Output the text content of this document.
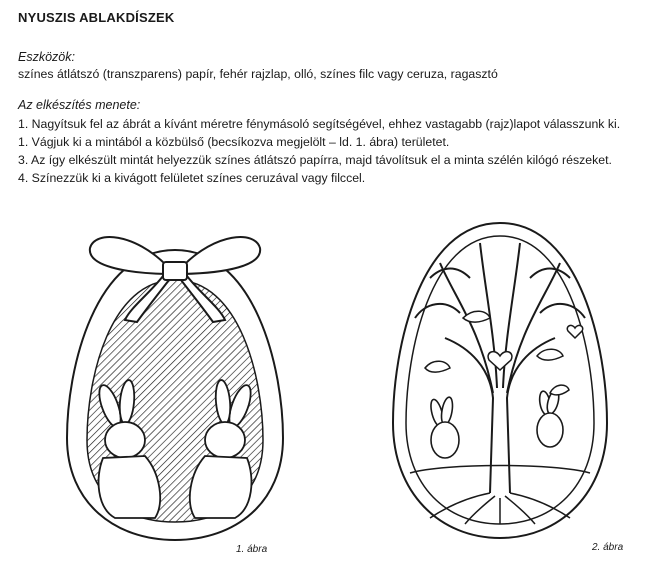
NYUSZIS ABLAKDÍSZEK
Eszközök:
színes átlátszó (transzparens) papír, fehér rajzlap, olló, színes filc vagy ceruza, ragasztó
Az elkészítés menete:
1. Nagyítsuk fel az ábrát a kívánt méretre fénymásoló segítségével, ehhez vastagabb (rajz)lapot válasszunk ki.
1. Vágjuk ki a mintából a közbülső (becsíkozva megjelölt – ld. 1. ábra) területet.
3. Az így elkészült mintát helyezzük színes átlátszó papírra, majd távolítsuk el a minta szélén kilógó részeket.
4. Színezzük ki a kivágott felületet színes ceruzával vagy filccel.
1. ábra	2. ábra
